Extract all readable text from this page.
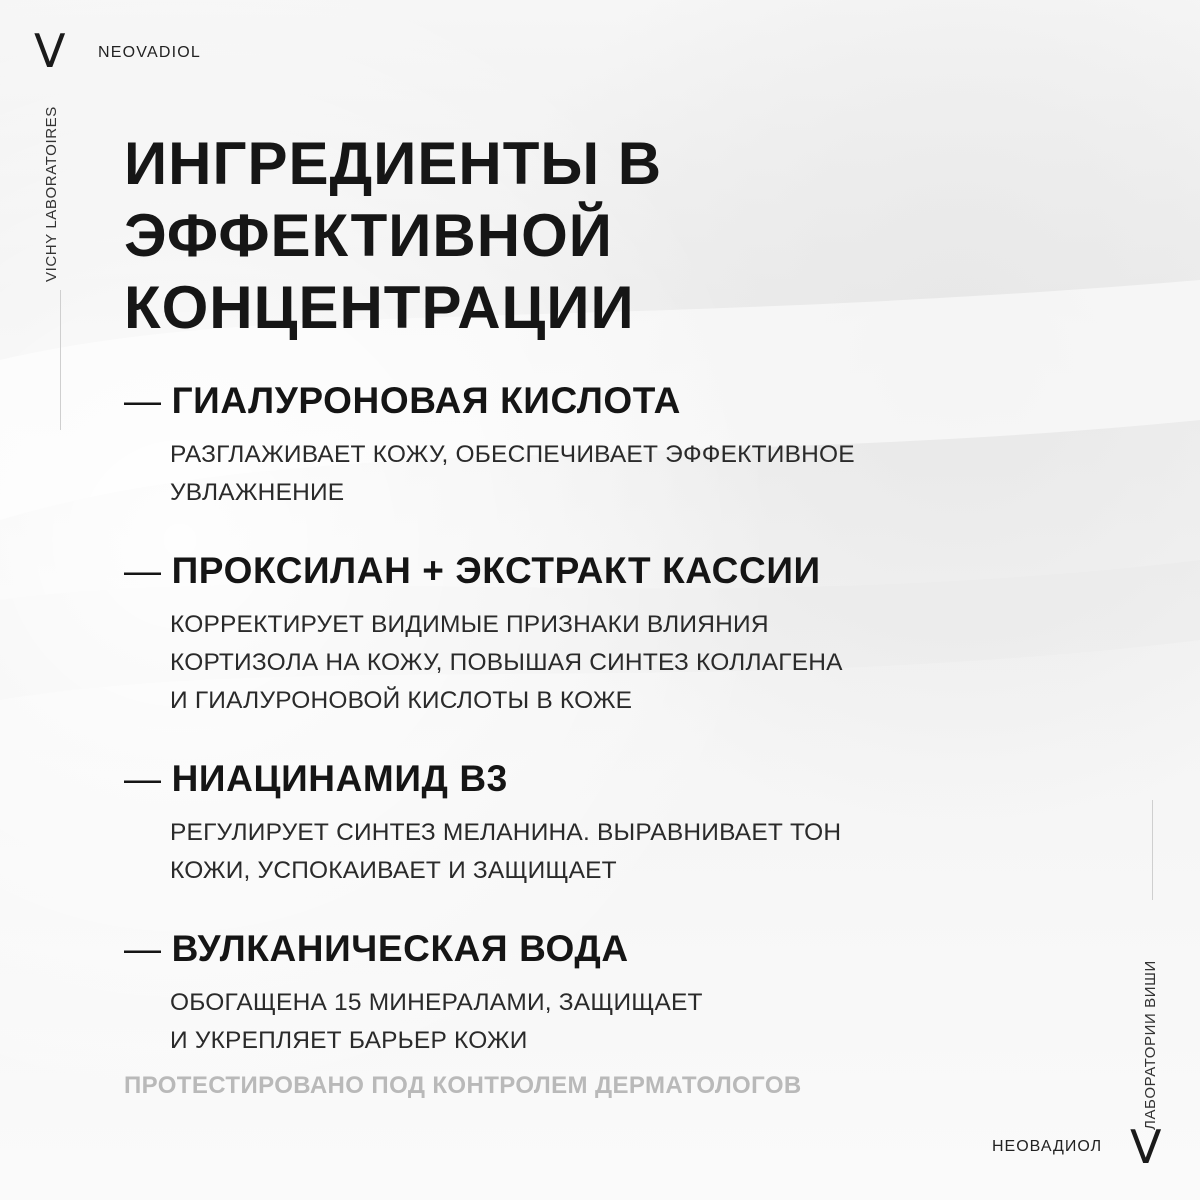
V NEOVADIOL
VICHY LABORATOIRES ИНГРЕДИЕНТЫ В ЭФФЕКТИВНОЙ
КОНЦЕНТРАЦИИ
— ГИАЛУРОНОВАЯ КИСЛОТА
РАЗГЛАЖИВАЕТ КОЖУ, ОБЕСПЕЧИВАЕТ ЭФФЕКТИВНОЕ
УВЛАЖНЕНИЕ
— ПРОКСИЛАН + ЭКСТРАКТ КАССИИ
КОРРЕКТИРУЕТ ВИДИМЫЕ ПРИЗНАКИ ВЛИЯНИЯ
КОРТИЗОЛА НА КОЖУ, ПОВЫШАЯ СИНТЕЗ КОЛЛАГЕНА
И ГИАЛУРОНОВОЙ КИСЛОТЫ В КОЖЕ
— НИАЦИНАМИД В3
РЕГУЛИРУЕТ СИНТЕЗ МЕЛАНИНА. ВЫРАВНИВАЕТ ТОН
КОЖИ, УСПОКАИВАЕТ И ЗАЩИЩАЕТ
— ВУЛКАНИЧЕСКАЯ ВОДА
ОБОГАЩЕНА 15 МИНЕРАЛАМИ, ЗАЩИЩАЕТ
И УКРЕПЛЯЕТ БАРЬЕР КОЖИ
ПРОТЕСТИРОВАНО ПОД КОНТРОЛЕМ ДЕРМАТОЛОГОВ	ЛАБОРАТОРИИ ВИШИ
НЕОВАДИОЛ V
